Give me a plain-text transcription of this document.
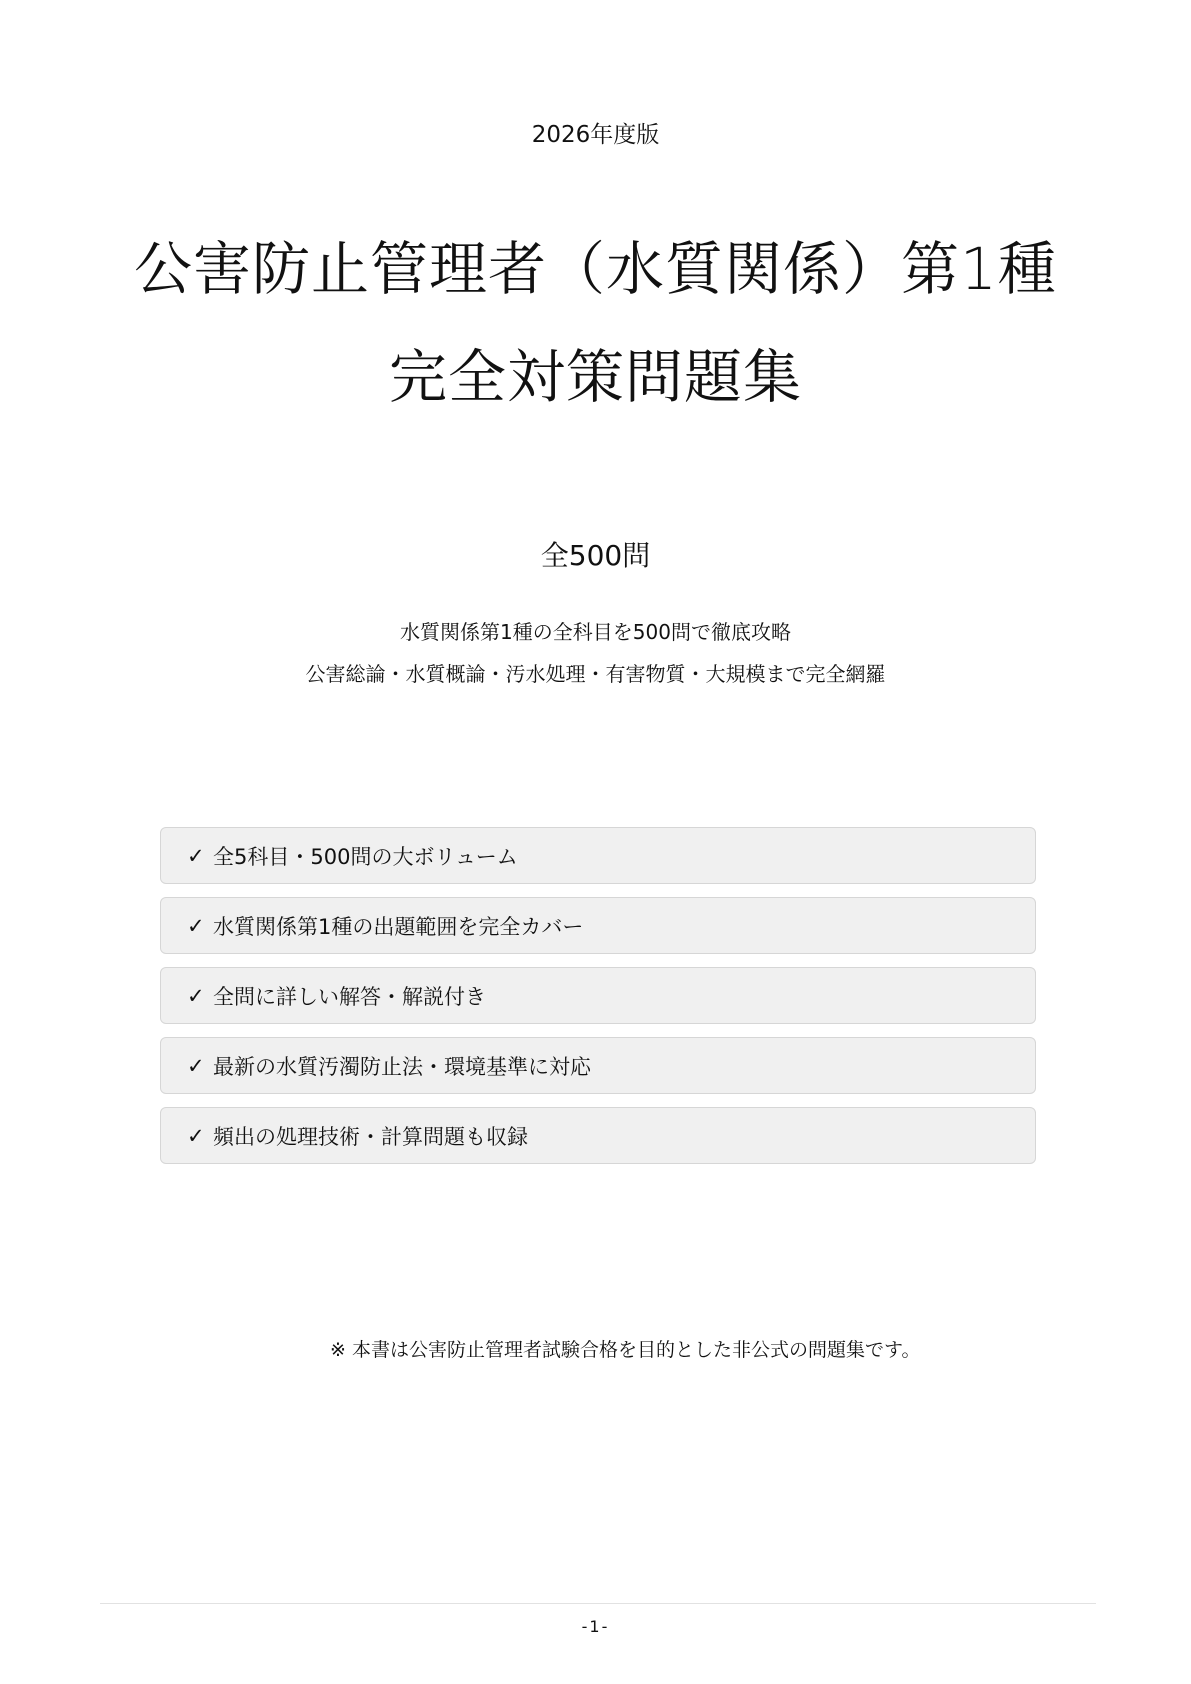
2026年度版
公害防止管理者（水質関係）第1種
完全対策問題集
全500問
水質関係第1種の全科目を500問で徹底攻略
公害総論・水質概論・汚水処理・有害物質・大規模まで完全網羅
✓ 全5科目・500問の大ボリューム
✓ 水質関係第1種の出題範囲を完全カバー
✓ 全問に詳しい解答・解説付き
✓ 最新の水質汚濁防止法・環境基準に対応
✓ 頻出の処理技術・計算問題も収録
※ 本書は公害防止管理者試験合格を目的とした非公式の問題集です。
-1-
